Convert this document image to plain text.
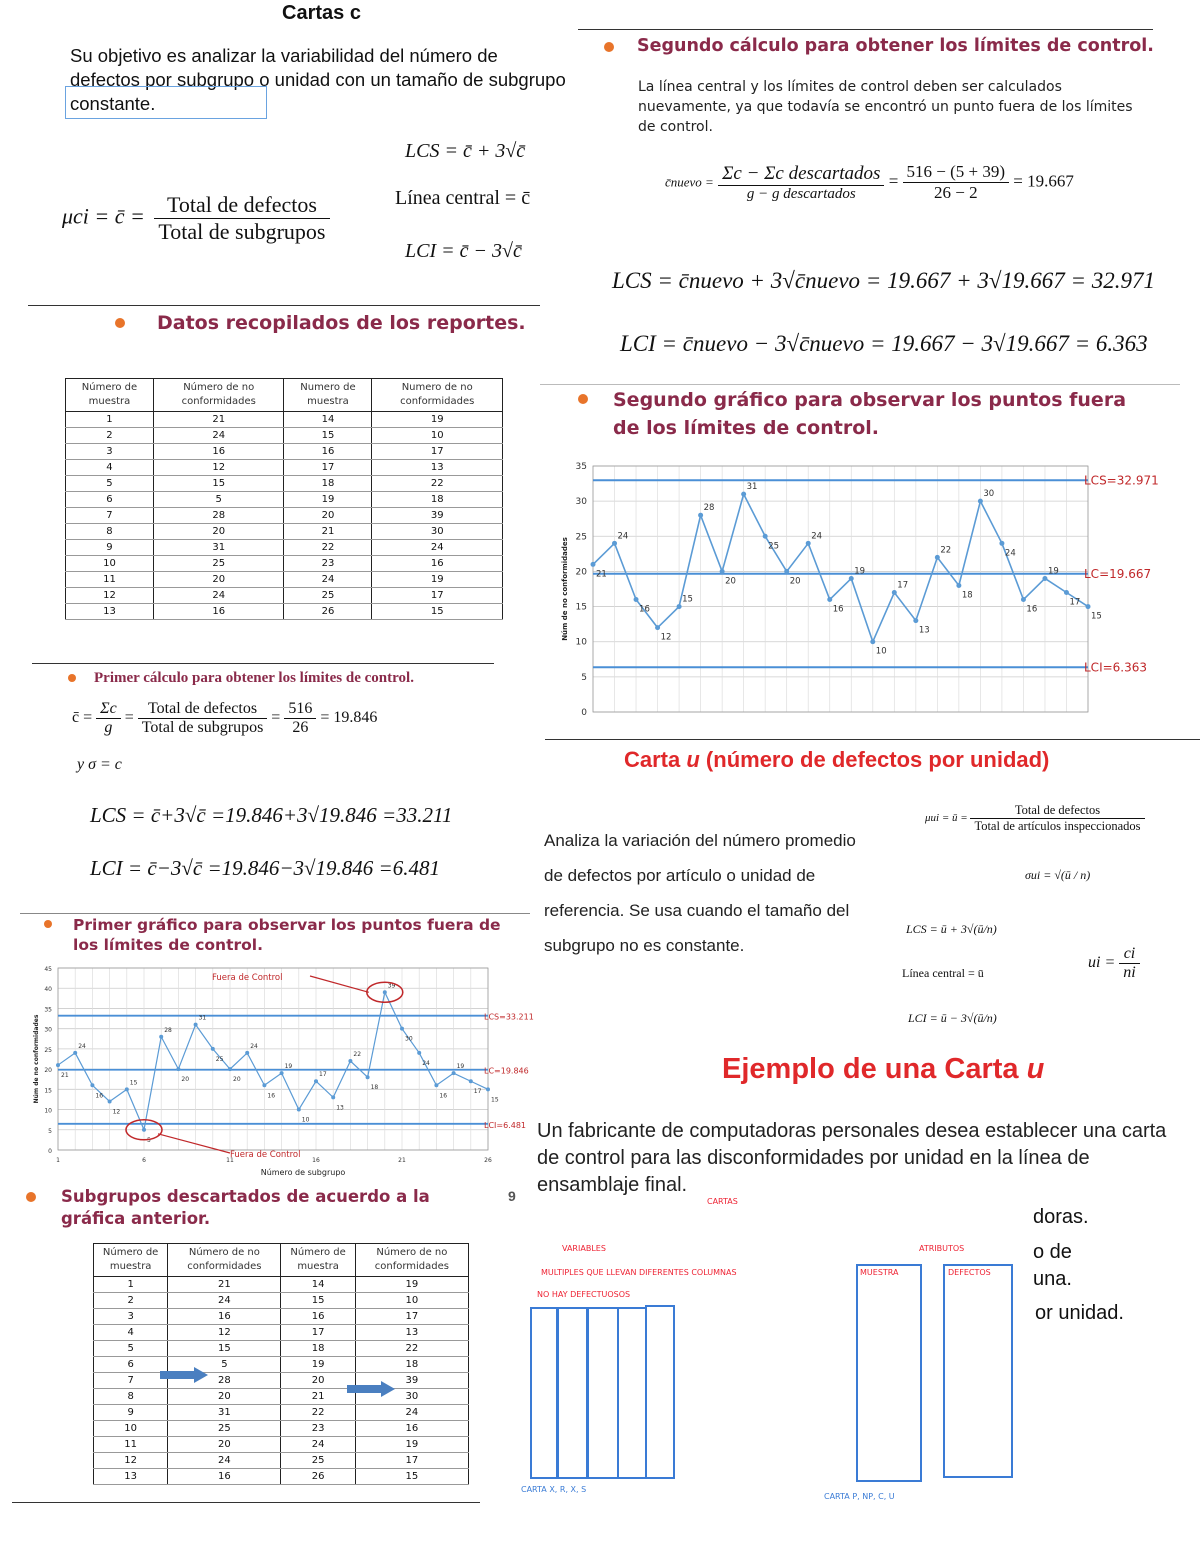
Cartas c
Su objetivo es analizar la variabilidad del número de defectos por subgrupo o unidad con un tamaño de subgrupo constante.
μci = c̄ = $\frac{\text{Total de defectos}}{\text{Total de subgrupos}}$
LCS = c̄ + 3√c̄
Línea central = c̄
LCI = c̄ − 3√c̄
Datos recopilados de los reportes.
Número de muestra	Número de no conformidades	Numero de muestra	Numero de no conformidades
1	21	14	19
2	24	15	10
3	16	16	17
4	12	17	13
5	15	18	22
6	5	19	18
7	28	20	39
8	20	21	30
9	31	22	24
10	25	23	16
11	20	24	19
12	24	25	17
13	16	26	15
Primer cálculo para obtener los límites de control.
c̄ = $\frac{\Sigma c}{g} = \frac{\text{Total de defectos}}{\text{Total de subgrupos}} = \frac{516}{26} = 19.846$
y σ = c
LCS = c̄+3√c̄ =19.846+3√19.846 =33.211
LCI = c̄−3√c̄ =19.846−3√19.846 =6.481
Primer gráfico para observar los puntos fuera de los límites de control.
0
5
10
15
20
25
30
35
40
45
LCS=33.211
LC=19.846
LCI=6.481
21
24
16
12
15
5
28
20
31
25
20
24
16
19
10
17
13
22
18
39
30
24
16
19
17
15
1	6	11	16	21	26
Núm de no conformidades
Número de subgrupo
Fuera de Control
Fuera de Control
Subgrupos descartados de acuerdo a la gráfica anterior.
Número de muestra	Número de no conformidades	Número de muestra	Número de no conformidades
1	21	14	19
2	24	15	10
3	16	16	17
4	12	17	13
5	15	18	22
6	5	19	18
7	28	20	39
8	20	21	30
9	31	22	24
10	25	23	16
11	20	24	19
12	24	25	17
13	16	26	15
Segundo cálculo para obtener los límites de control.
La línea central y los límites de control deben ser calculados nuevamente, ya que todavía se encontró un punto fuera de los límites de control.
c̄nuevo = $\frac{\text{Σc − Σc descartados}}{\text{g − g descartados}} = \frac{516 - (5 + 39)}{26 - 2} = 19.667$
LCS = c̄nuevo + 3√c̄nuevo = 19.667 + 3√19.667 = 32.971
LCI = c̄nuevo − 3√c̄nuevo = 19.667 − 3√19.667 = 6.363
Segundo gráfico para observar los puntos fuera de los límites de control.
0
5
10
15
20
25
30
35
LCS=32.971
LC=19.667
LCI=6.363
21
24
16
12
15
28
20
31
25
20
24
16
19
10
17
13
22
18
30
24
16
19
17
15
Núm de no conformidades
Carta u (número de defectos por unidad)
Analiza la variación del número promedio de defectos por artículo o unidad de referencia. Se usa cuando el tamaño del subgrupo no es constante.
μui = ū = $\frac{\text{Total de defectos}}{\text{Total de artículos inspeccionados}}$
σui = √(ū / n)
LCS = ū + 3√(ū/n)
Línea central = ū
LCI = ū − 3√(ū/n)
ui = $\frac{ci}{ni}$
Ejemplo de una Carta u
Un fabricante de computadoras personales desea establecer una carta de control para las disconformidades por unidad en la línea de ensamblaje final.
doras.
o de
una.
or unidad.
9	CARTAS
VARIABLES
MULTIPLES QUE LLEVAN DIFERENTES COLUMNAS
NO HAY DEFECTUOSOS
ATRIBUTOS
MUESTRA	DEFECTOS
CARTA X, R, X, S
CARTA P, NP, C, U
